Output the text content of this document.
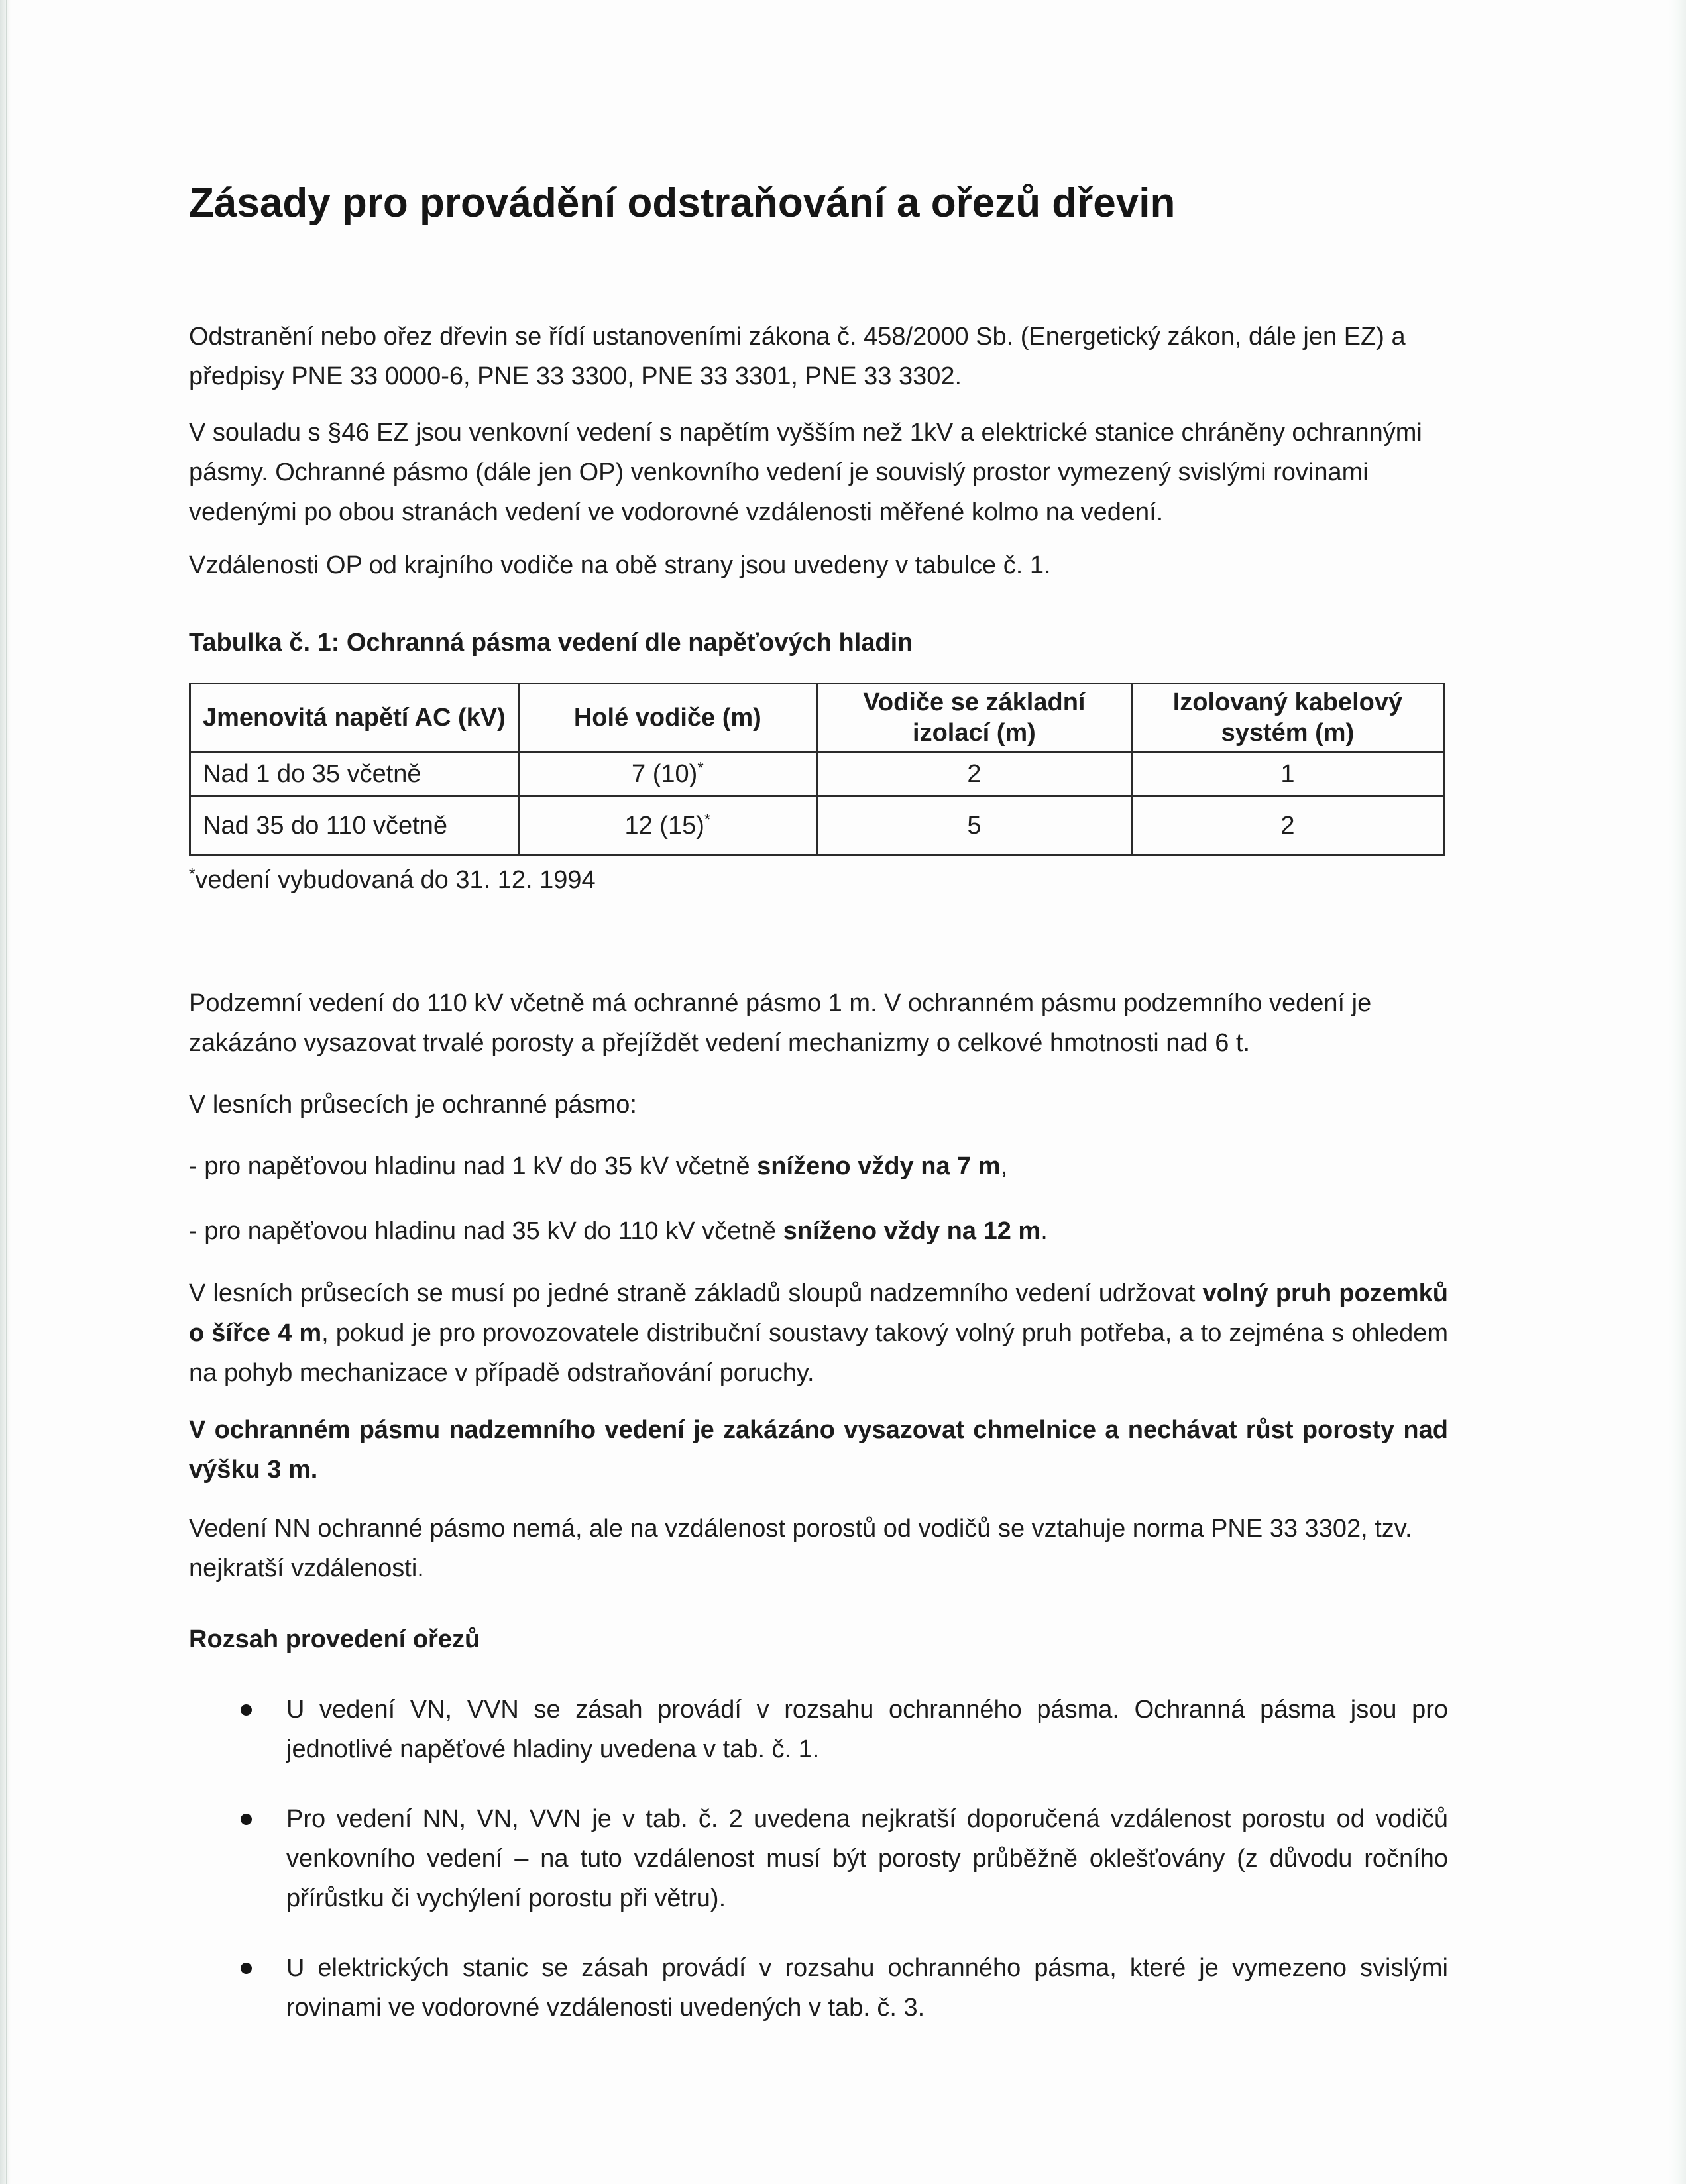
Zásady pro provádění odstraňování a ořezů dřevin

Odstranění nebo ořez dřevin se řídí ustanoveními zákona č. 458/2000 Sb. (Energetický zákon, dále jen EZ) a předpisy PNE 33 0000-6, PNE 33 3300, PNE 33 3301, PNE 33 3302.

V souladu s §46 EZ jsou venkovní vedení s napětím vyšším než 1kV a elektrické stanice chráněny ochrannými pásmy. Ochranné pásmo (dále jen OP) venkovního vedení je souvislý prostor vymezený svislými rovinami vedenými po obou stranách vedení ve vodorovné vzdálenosti měřené kolmo na vedení.

Vzdálenosti OP od krajního vodiče na obě strany jsou uvedeny v tabulce č. 1.

Tabulka č. 1: Ochranná pásma vedení dle napěťových hladin

Jmenovitá napětí AC (kV)	Holé vodiče (m)	Vodiče se základní izolací (m)	Izolovaný kabelový systém (m)
Nad 1 do 35 včetně	7 (10)*	2	1
Nad 35 do 110 včetně	12 (15)*	5	2

*vedení vybudovaná do 31. 12. 1994

Podzemní vedení do 110 kV včetně má ochranné pásmo 1 m. V ochranném pásmu podzemního vedení je zakázáno vysazovat trvalé porosty a přejíždět vedení mechanizmy o celkové hmotnosti nad 6 t.

V lesních průsecích je ochranné pásmo:

- pro napěťovou hladinu nad 1 kV do 35 kV včetně sníženo vždy na 7 m,

- pro napěťovou hladinu nad 35 kV do 110 kV včetně sníženo vždy na 12 m.

V lesních průsecích se musí po jedné straně základů sloupů nadzemního vedení udržovat volný pruh pozemků o šířce 4 m, pokud je pro provozovatele distribuční soustavy takový volný pruh potřeba, a to zejména s ohledem na pohyb mechanizace v případě odstraňování poruchy.

V ochranném pásmu nadzemního vedení je zakázáno vysazovat chmelnice a nechávat růst porosty nad výšku 3 m.

Vedení NN ochranné pásmo nemá, ale na vzdálenost porostů od vodičů se vztahuje norma PNE 33 3302, tzv. nejkratší vzdálenosti.

Rozsah provedení ořezů

U vedení VN, VVN se zásah provádí v rozsahu ochranného pásma. Ochranná pásma jsou pro jednotlivé napěťové hladiny uvedena v tab. č. 1.
Pro vedení NN, VN, VVN je v tab. č. 2 uvedena nejkratší doporučená vzdálenost porostu od vodičů venkovního vedení – na tuto vzdálenost musí být porosty průběžně oklešťovány (z důvodu ročního přírůstku či vychýlení porostu při větru).
U elektrických stanic se zásah provádí v rozsahu ochranného pásma, které je vymezeno svislými rovinami ve vodorovné vzdálenosti uvedených v tab. č. 3.
